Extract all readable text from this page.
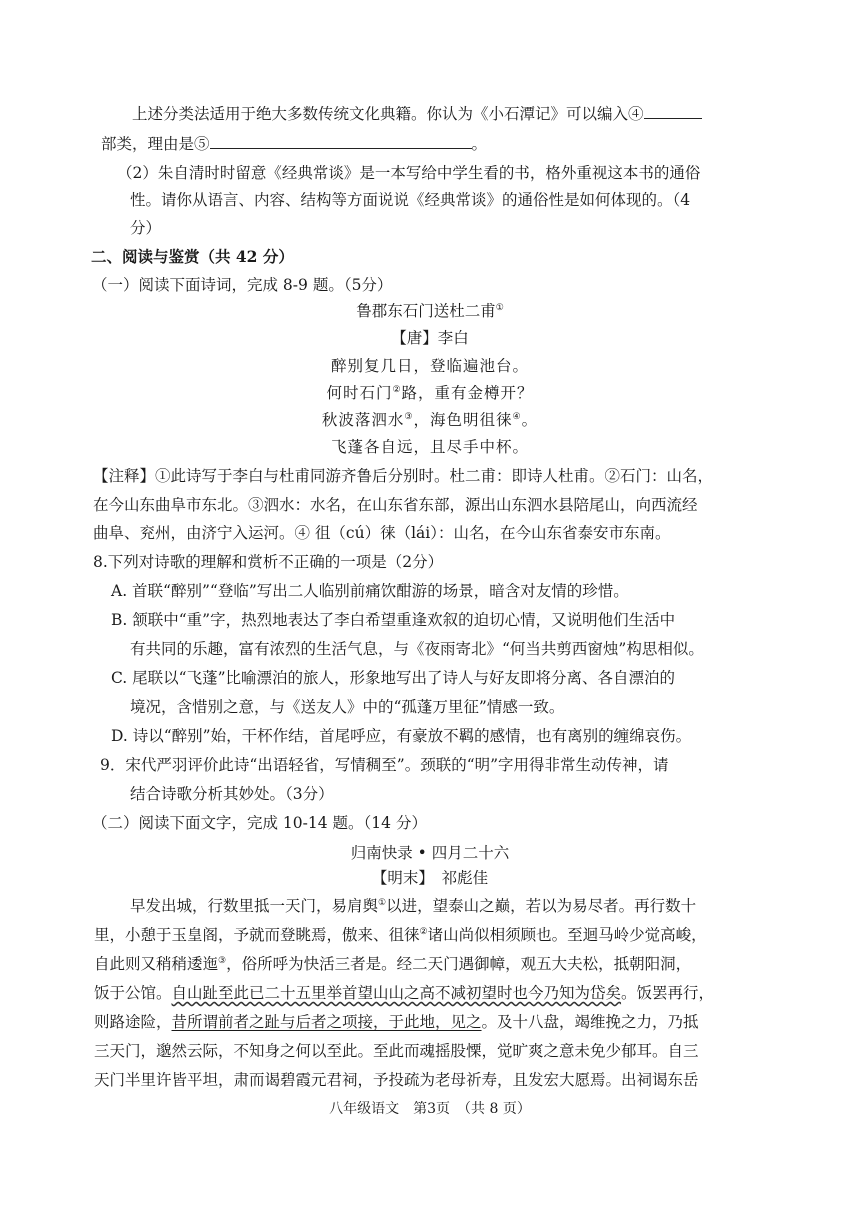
上述分类法适用于绝大多数传统文化典籍。你认为《小石潭记》可以编入④
部类，理由是⑤	。
（2）朱自清时时留意《经典常谈》是一本写给中学生看的书，格外重视这本书的通俗
性。请你从语言、内容、结构等方面说说《经典常谈》的通俗性是如何体现的。（4
分）
二、阅读与鉴赏（共 42 分）
（一）阅读下面诗词，完成 8-9 题。（5分）
鲁郡东石门送杜二甫①
【唐】李白
醉别复几日，登临遍池台。
何时石门②路，重有金樽开？
秋波落泗水③，海色明徂徕④。
飞蓬各自远，且尽手中杯。
【注释】①此诗写于李白与杜甫同游齐鲁后分别时。杜二甫：即诗人杜甫。②石门：山名，
在今山东曲阜市东北。③泗水：水名，在山东省东部，源出山东泗水县陪尾山，向西流经
曲阜、兖州，由济宁入运河。④ 徂（cú）徕（lái）：山名，在今山东省泰安市东南。
8.下列对诗歌的理解和赏析不正确的一项是（2分）
A. 首联“醉别”“登临”写出二人临别前痛饮酣游的场景，暗含对友情的珍惜。
B. 颔联中“重”字，热烈地表达了李白希望重逢欢叙的迫切心情，又说明他们生活中
有共同的乐趣，富有浓烈的生活气息，与《夜雨寄北》“何当共剪西窗烛”构思相似。
C. 尾联以“飞蓬”比喻漂泊的旅人，形象地写出了诗人与好友即将分离、各自漂泊的
境况，含惜别之意，与《送友人》中的“孤蓬万里征”情感一致。
D. 诗以“醉别”始，干杯作结，首尾呼应，有豪放不羁的感情，也有离别的缠绵哀伤。
9．宋代严羽评价此诗“出语轻省，写情稠至”。颈联的“明”字用得非常生动传神，请
结合诗歌分析其妙处。（3分）
（二）阅读下面文字，完成 10-14 题。（14 分）
归南快录 • 四月二十六
【明末】　祁彪佳
早发出城，行数里抵一天门，易肩舆①以进，望泰山之巅，若以为易尽者。再行数十
里，小憩于玉皇阁，予就而登眺焉，傲来、徂徕②诸山尚似相须顾也。至迴马岭少觉高峻，
自此则又稍稍逶迤③，俗所呼为快活三者是。经二天门遇御幛，观五大夫松，抵朝阳洞，
饭于公馆。自山趾至此已二十五里举首望山山之高不减初望时也今乃知为岱矣。饭罢再行，
则路途险，昔所谓前者之趾与后者之项接，于此地，见之。及十八盘，竭维挽之力，乃抵
三天门，邈然云际，不知身之何以至此。至此而魂摇股慄，觉旷爽之意未免少郁耳。自三
天门半里许皆平坦，肃而谒碧霞元君祠，予投疏为老母祈寿，且发宏大愿焉。出祠谒东岳
八年级语文　第3页　（共 8 页）
